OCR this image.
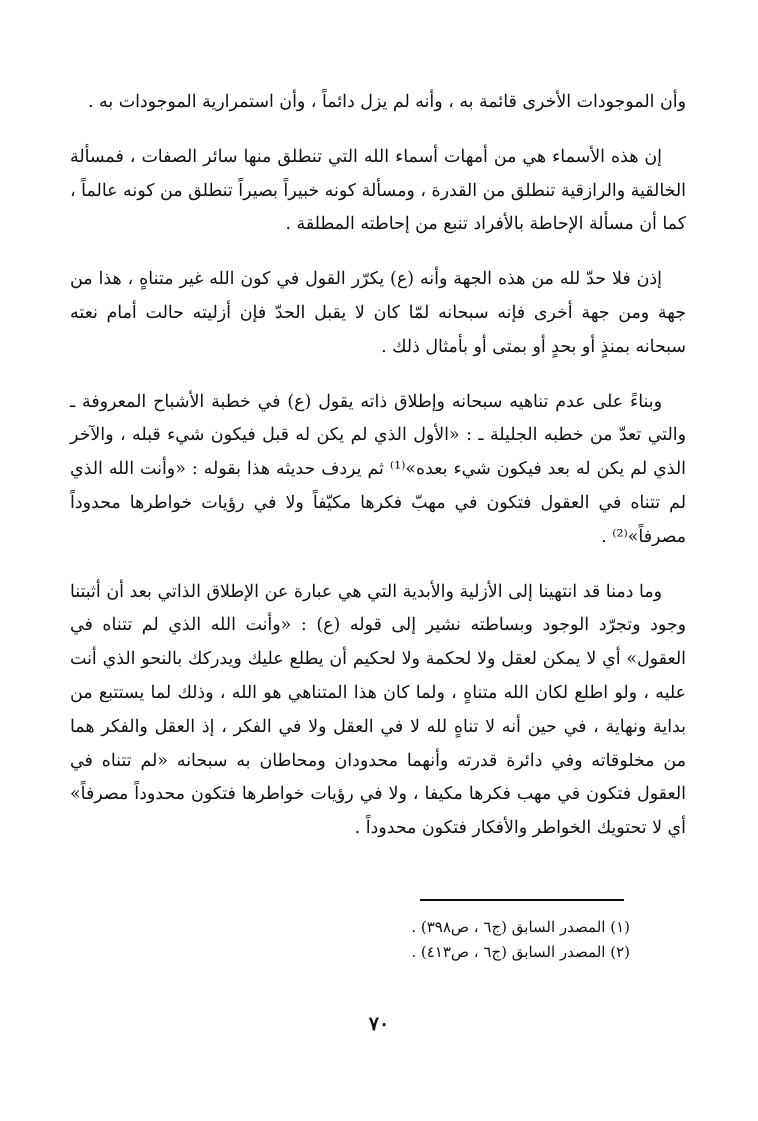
وأن الموجودات الأخرى قائمة به ، وأنه لم يزل دائماً ، وأن استمرارية الموجودات به .

إن هذه الأسماء هي من أمهات أسماء الله التي تنطلق منها سائر الصفات ، فمسألة الخالقية والرازقية تنطلق من القدرة ، ومسألة كونه خبيراً بصيراً تنطلق من كونه عالماً ، كما أن مسألة الإحاطة بالأفراد تنبع من إحاطته المطلقة .

إذن فلا حدّ لله من هذه الجهة وأنه (ع) يكرّر القول في كون الله غير متناهٍ ، هذا من جهة ومن جهة أخرى فإنه سبحانه لمّا كان لا يقبل الحدّ فإن أزليته حالت أمام نعته سبحانه بمنذٍ أو بحدٍ أو بمتى أو بأمثال ذلك .

وبناءً على عدم تناهيه سبحانه وإطلاق ذاته يقول (ع) في خطبة الأشباح المعروفة ـ والتي تعدّ من خطبه الجليلة ـ : «الأول الذي لم يكن له قبل فيكون شيء قبله ، والآخر الذي لم يكن له بعد فيكون شيء بعده»⁽¹⁾ ثم يردف حديثه هذا بقوله : «وأنت الله الذي لم تتناه في العقول فتكون في مهبّ فكرها مكيّفاً ولا في رؤيات خواطرها محدوداً مصرفاً»⁽²⁾ .

وما دمنا قد انتهينا إلى الأزلية والأبدية التي هي عبارة عن الإطلاق الذاتي بعد أن أثبتنا وجود وتجرّد الوجود وبساطته نشير إلى قوله (ع) : «وأنت الله الذي لم تتناه في العقول» أي لا يمكن لعقل ولا لحكمة ولا لحكيم أن يطلع عليك ويدركك بالنحو الذي أنت عليه ، ولو اطلع لكان الله متناهٍ ، ولما كان هذا المتناهي هو الله ، وذلك لما يستتبع من بداية ونهاية ، في حين أنه لا تناهٍ لله لا في العقل ولا في الفكر ، إذ العقل والفكر هما من مخلوقاته وفي دائرة قدرته وأنهما محدودان ومحاطان به سبحانه «لم تتناه في العقول فتكون في مهب فكرها مكيفا ، ولا في رؤيات خواطرها فتكون محدوداً مصرفاً» أي لا تحتويك الخواطر والأفكار فتكون محدوداً .

(١) المصدر السابق (ج٦ ، ص٣٩٨) .
(٢) المصدر السابق (ج٦ ، ص٤١٣) .
٧٠
